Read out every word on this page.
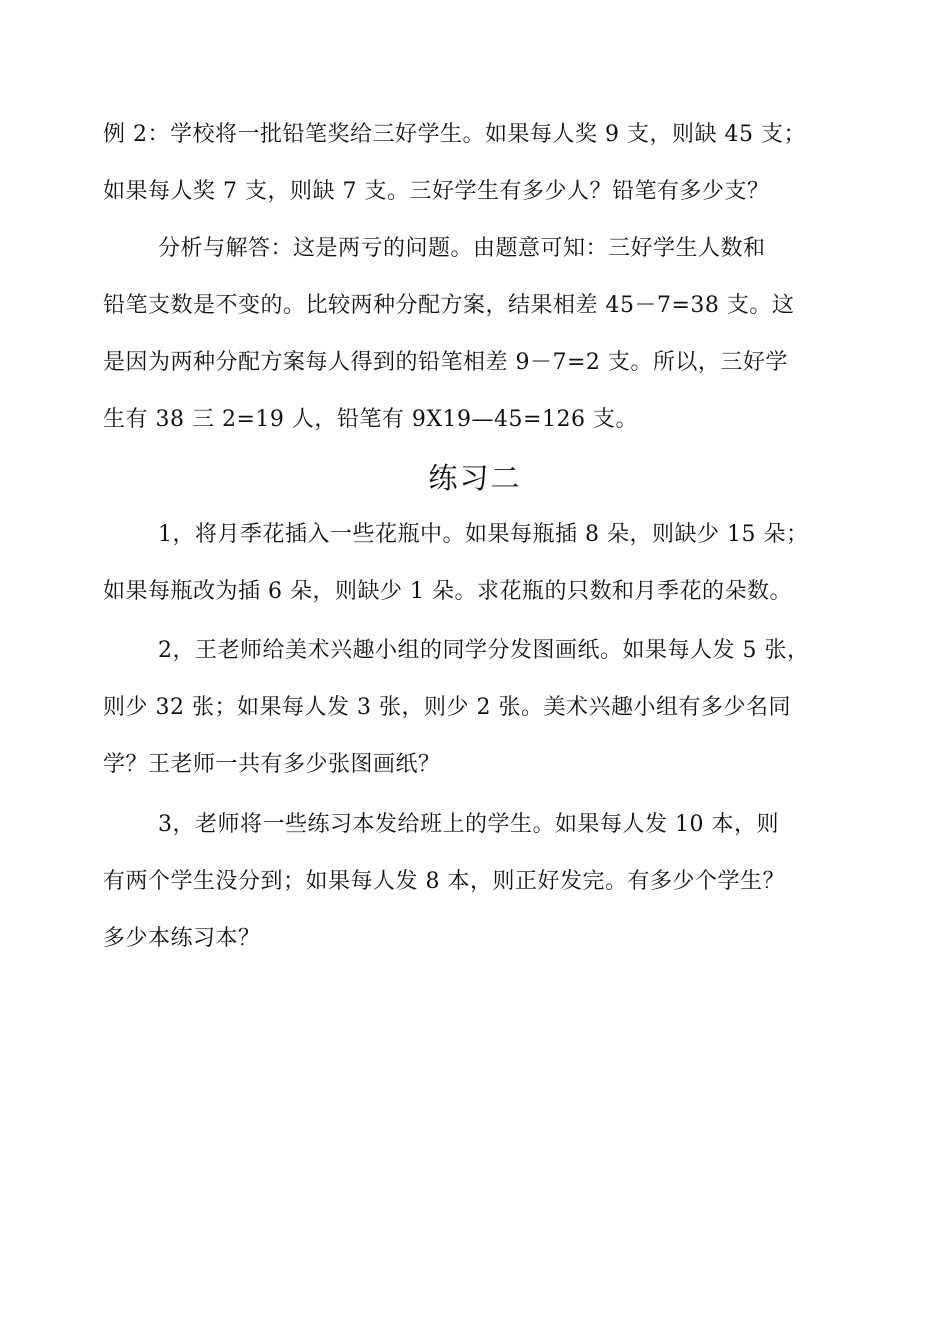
例 2：学校将一批铅笔奖给三好学生。如果每人奖 9 支，则缺 45 支；
如果每人奖 7 支，则缺 7 支。三好学生有多少人？铅笔有多少支？
分析与解答：这是两亏的问题。由题意可知：三好学生人数和
铅笔支数是不变的。比较两种分配方案，结果相差 45－7=38 支。这
是因为两种分配方案每人得到的铅笔相差 9－7=2 支。所以，三好学
生有 38 三 2=19 人，铅笔有 9X19—45=126 支。
练习二
1，将月季花插入一些花瓶中。如果每瓶插 8 朵，则缺少 15 朵；
如果每瓶改为插 6 朵，则缺少 1 朵。求花瓶的只数和月季花的朵数。
2，王老师给美术兴趣小组的同学分发图画纸。如果每人发 5 张，
则少 32 张；如果每人发 3 张，则少 2 张。美术兴趣小组有多少名同
学？王老师一共有多少张图画纸？
3，老师将一些练习本发给班上的学生。如果每人发 10 本，则
有两个学生没分到；如果每人发 8 本，则正好发完。有多少个学生？
多少本练习本？
